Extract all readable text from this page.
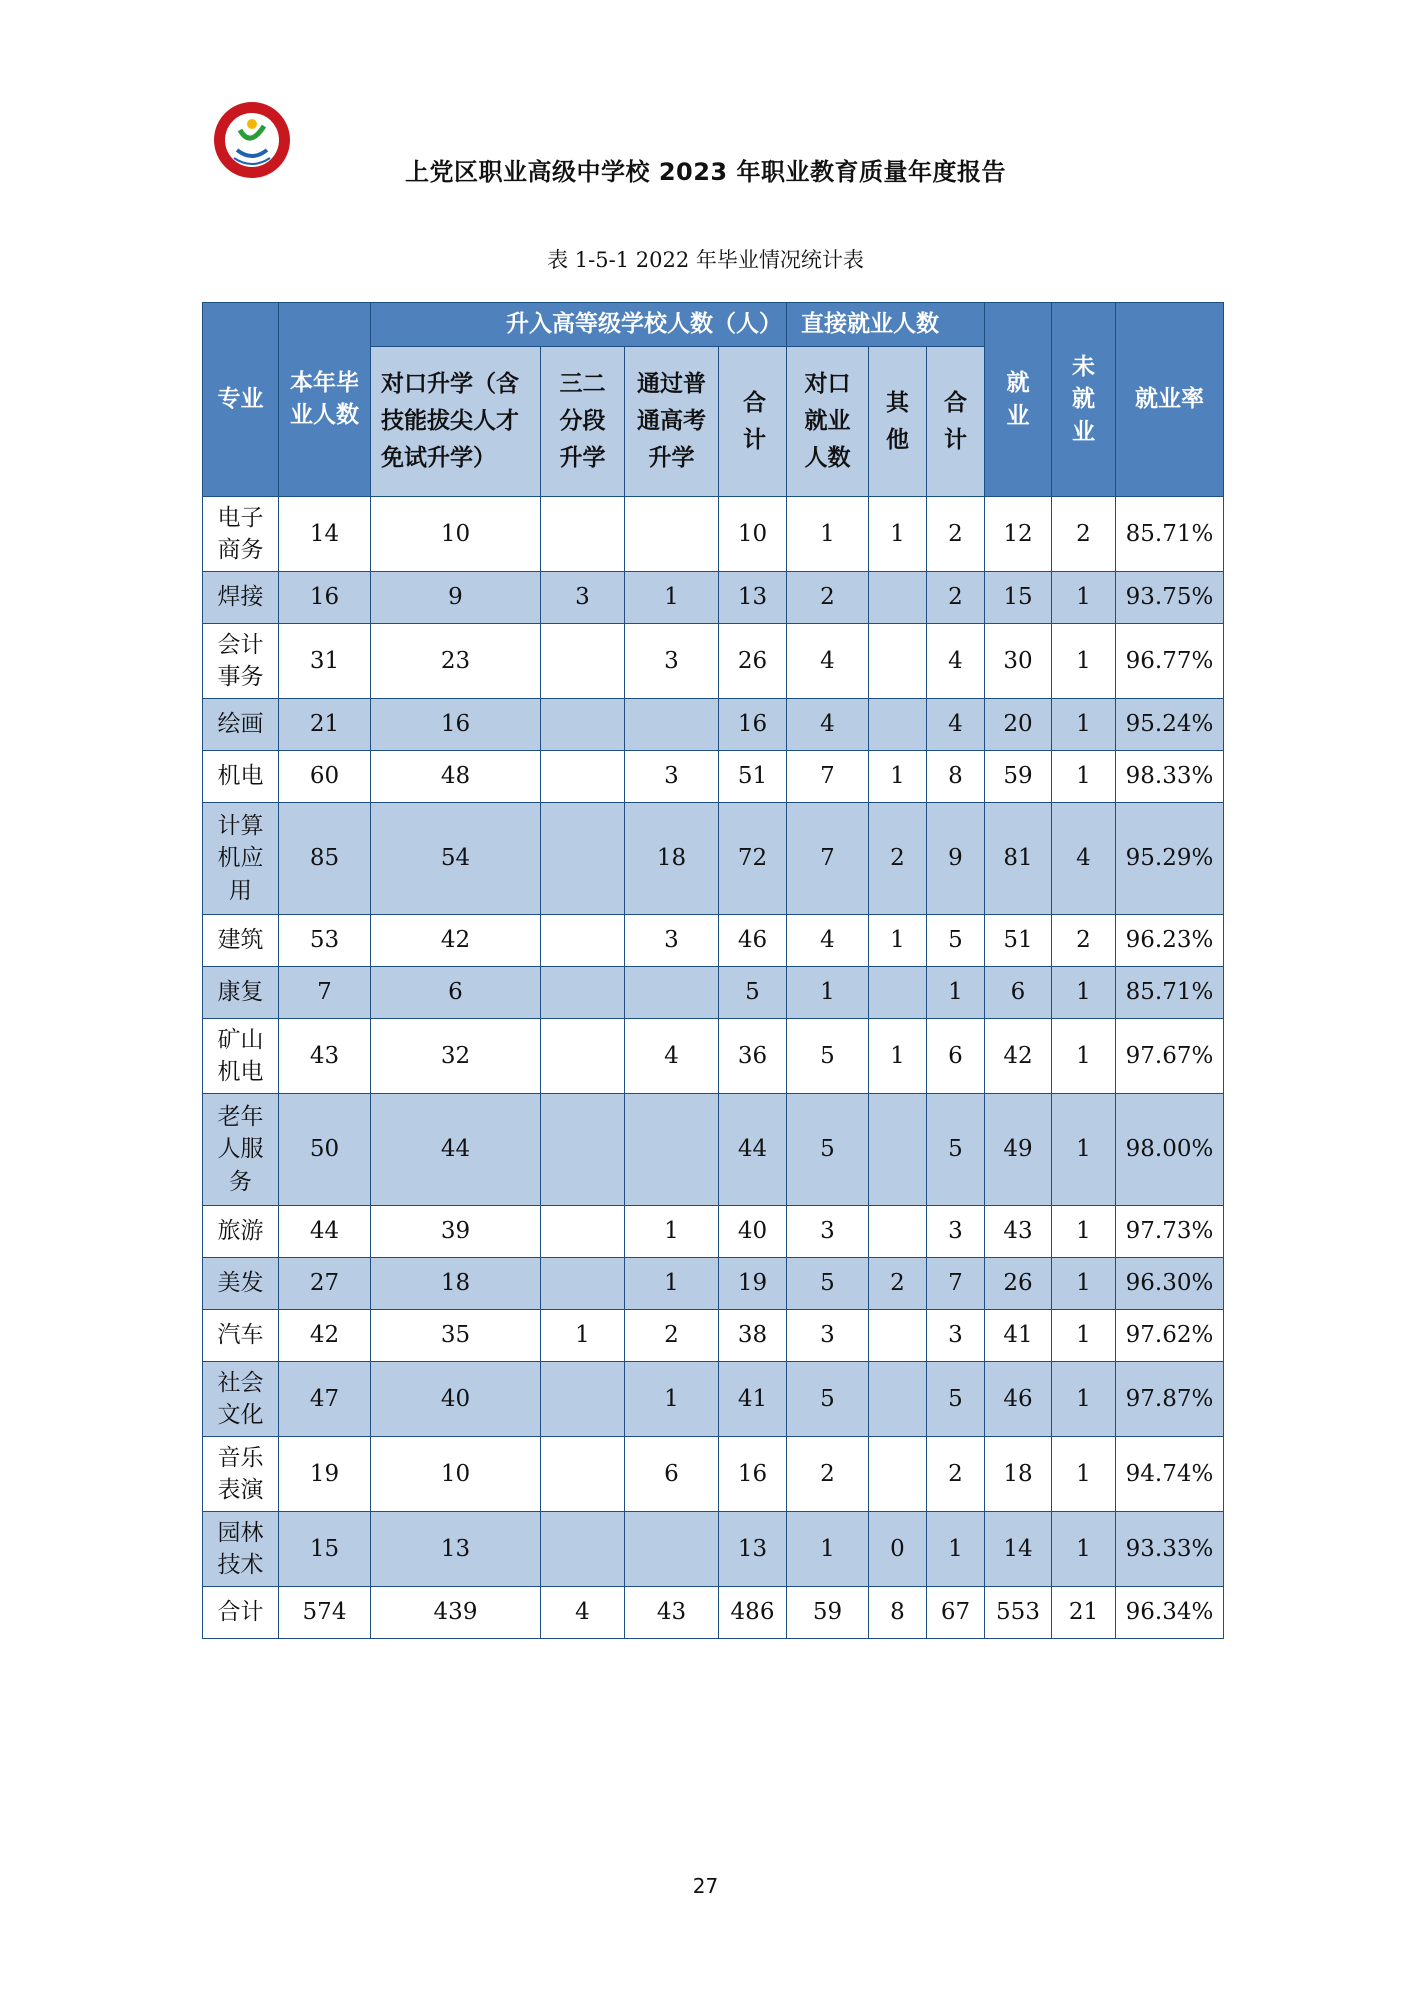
上党区职业高级中学校 2023 年职业教育质量年度报告
表 1-5-1 2022 年毕业情况统计表
专业	本年毕业人数	升入高等级学校人数（人）				直接就业人数			就业	未就业	就业率
		对口升学（含技能拔尖人才免试升学）	三二分段升学	通过普通高考升学	合计	对口就业人数	其他	合计			
电子商务	14	10			10	1	1	2	12	2	85.71%
焊接	16	9	3	1	13	2		2	15	1	93.75%
会计事务	31	23		3	26	4		4	30	1	96.77%
绘画	21	16			16	4		4	20	1	95.24%
机电	60	48		3	51	7	1	8	59	1	98.33%
计算机应用	85	54		18	72	7	2	9	81	4	95.29%
建筑	53	42		3	46	4	1	5	51	2	96.23%
康复	7	6			5	1		1	6	1	85.71%
矿山机电	43	32		4	36	5	1	6	42	1	97.67%
老年人服务	50	44			44	5		5	49	1	98.00%
旅游	44	39		1	40	3		3	43	1	97.73%
美发	27	18		1	19	5	2	7	26	1	96.30%
汽车	42	35	1	2	38	3		3	41	1	97.62%
社会文化	47	40		1	41	5		5	46	1	97.87%
音乐表演	19	10		6	16	2		2	18	1	94.74%
园林技术	15	13			13	1	0	1	14	1	93.33%
合计	574	439	4	43	486	59	8	67	553	21	96.34%
27
